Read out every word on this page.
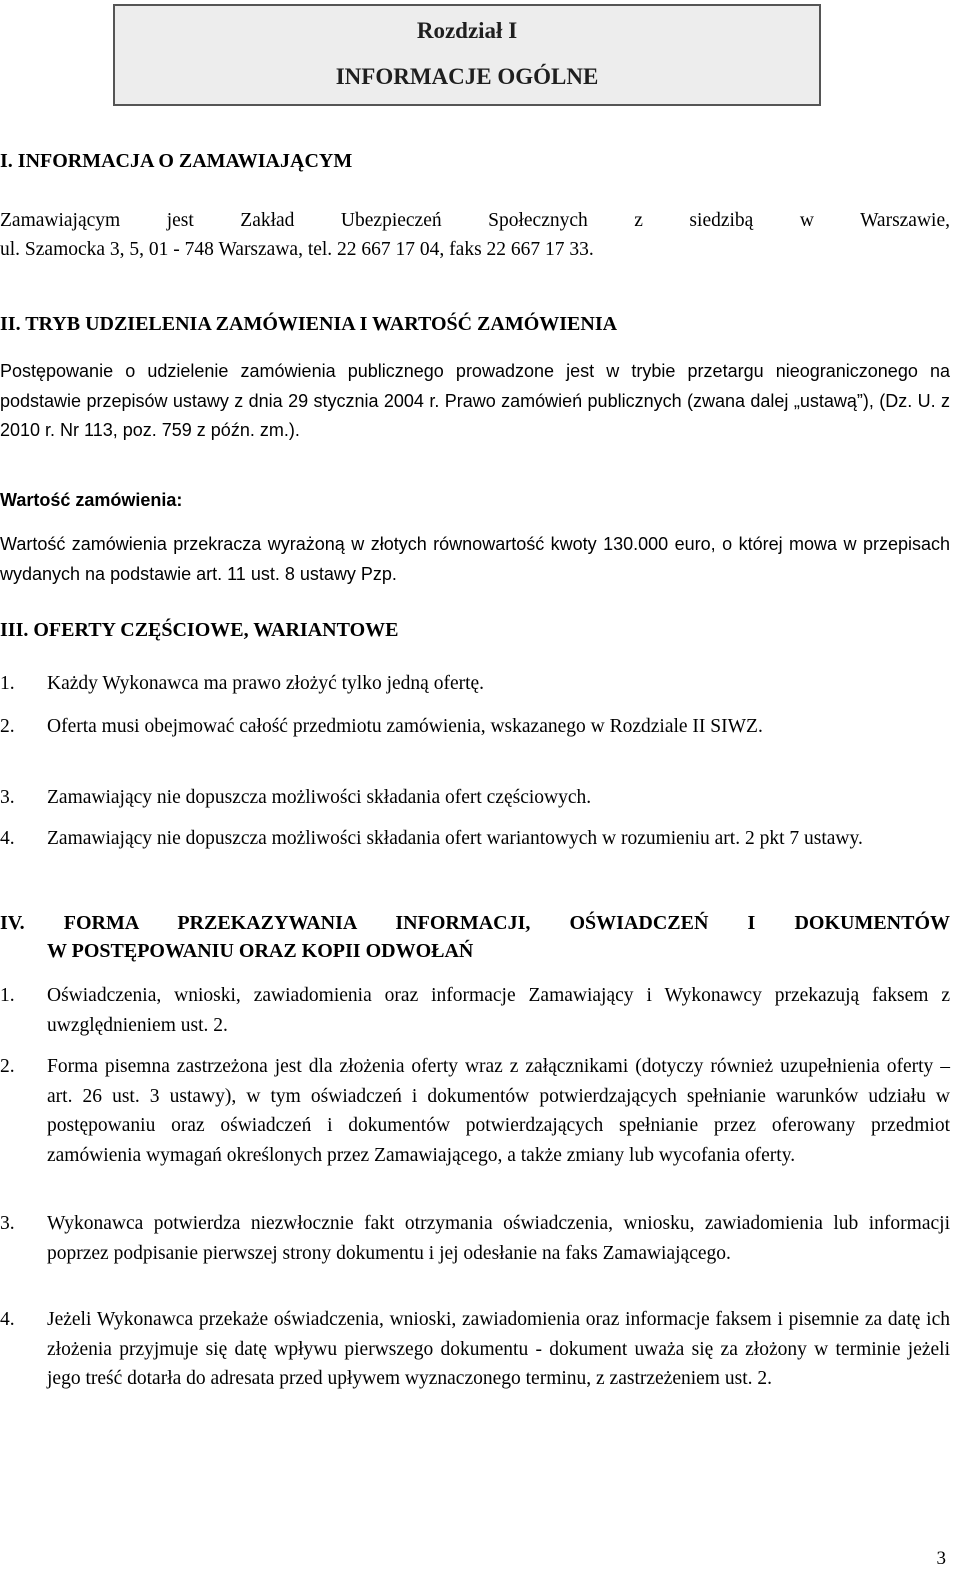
Rozdział I
INFORMACJE OGÓLNE
I. INFORMACJA O ZAMAWIAJĄCYM
Zamawiającym jest Zakład Ubezpieczeń Społecznych z siedzibą w Warszawie,
ul. Szamocka 3, 5, 01 - 748 Warszawa, tel. 22 667 17 04, faks 22 667 17 33.
II. TRYB UDZIELENIA ZAMÓWIENIA I WARTOŚĆ ZAMÓWIENIA
Postępowanie o udzielenie zamówienia publicznego prowadzone jest w trybie przetargu nieograniczonego na podstawie przepisów ustawy z dnia 29 stycznia 2004 r. Prawo zamówień publicznych (zwana dalej „ustawą”), (Dz. U. z 2010 r. Nr 113, poz. 759 z późn. zm.).
Wartość zamówienia:
Wartość zamówienia przekracza wyrażoną w złotych równowartość kwoty 130.000 euro, o której mowa w przepisach wydanych na podstawie art. 11 ust. 8 ustawy Pzp.
III. OFERTY CZĘŚCIOWE, WARIANTOWE
1.	Każdy Wykonawca ma prawo złożyć tylko jedną ofertę.
2.	Oferta musi obejmować całość przedmiotu zamówienia, wskazanego w Rozdziale II SIWZ.
3.	Zamawiający nie dopuszcza możliwości składania ofert częściowych.
4.	Zamawiający nie dopuszcza możliwości składania ofert wariantowych w rozumieniu art. 2 pkt 7 ustawy.
IV. FORMA PRZEKAZYWANIA INFORMACJI, OŚWIADCZEŃ I DOKUMENTÓW
W POSTĘPOWANIU ORAZ KOPII ODWOŁAŃ
1.	Oświadczenia, wnioski, zawiadomienia oraz informacje Zamawiający i Wykonawcy przekazują faksem z uwzględnieniem ust. 2.
2.	Forma pisemna zastrzeżona jest dla złożenia oferty wraz z załącznikami (dotyczy również uzupełnienia oferty – art. 26 ust. 3 ustawy), w tym oświadczeń i dokumentów potwierdzających spełnianie warunków udziału w postępowaniu oraz oświadczeń i dokumentów potwierdzających spełnianie przez oferowany przedmiot zamówienia wymagań określonych przez Zamawiającego, a także zmiany lub wycofania oferty.
3.	Wykonawca potwierdza niezwłocznie fakt otrzymania oświadczenia, wniosku, zawiadomienia lub informacji poprzez podpisanie pierwszej strony dokumentu i jej odesłanie na faks Zamawiającego.
4.	Jeżeli Wykonawca przekaże oświadczenia, wnioski, zawiadomienia oraz informacje faksem i pisemnie za datę ich złożenia przyjmuje się datę wpływu pierwszego dokumentu - dokument uważa się za złożony w terminie jeżeli jego treść dotarła do adresata przed upływem wyznaczonego terminu, z zastrzeżeniem ust. 2.
3
